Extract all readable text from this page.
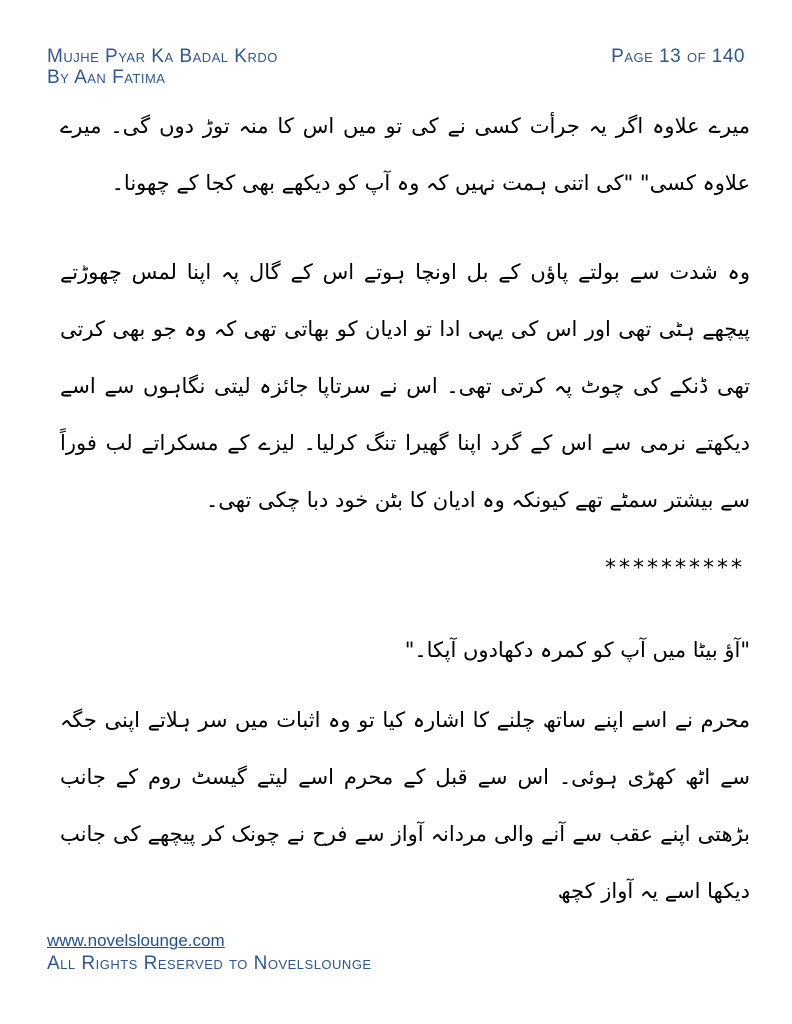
Mujhe Pyar Ka Badal Krdo
By Aan Fatima
Page 13 of 140
میرے علاوہ اگر یہ جرأت کسی نے کی تو میں اس کا منہ توڑ دوں گی۔ میرے علاوہ کسی" "کی اتنی ہمت نہیں کہ وہ آپ کو دیکھے بھی کجا کے چھونا۔
وہ شدت سے بولتے پاؤں کے بل اونچا ہوتے اس کے گال پہ اپنا لمس چھوڑتے پیچھے ہٹی تھی اور اس کی یہی ادا تو ادیان کو بھاتی تھی کہ وہ جو بھی کرتی تھی ڈنکے کی چوٹ پہ کرتی تھی۔ اس نے سرتاپا جائزہ لیتی نگاہوں سے اسے دیکھتے نرمی سے اس کے گرد اپنا گھیرا تنگ کرلیا۔ لیزے کے مسکراتے لب فوراً سے بیشتر سمٹے تھے کیونکہ وہ ادیان کا بٹن خود دبا چکی تھی۔
**********
"آؤ بیٹا میں آپ کو کمرہ دکھادوں آپکا۔"
محرم نے اسے اپنے ساتھ چلنے کا اشارہ کیا تو وہ اثبات میں سر ہلاتے اپنی جگہ سے اٹھ کھڑی ہوئی۔ اس سے قبل کے محرم اسے لیتے گیسٹ روم کے جانب بڑھتی اپنے عقب سے آنے والی مردانہ آواز سے فرح نے چونک کر پیچھے کی جانب دیکھا اسے یہ آواز کچھ
www.novelslounge.com
All Rights Reserved to Novelslounge
